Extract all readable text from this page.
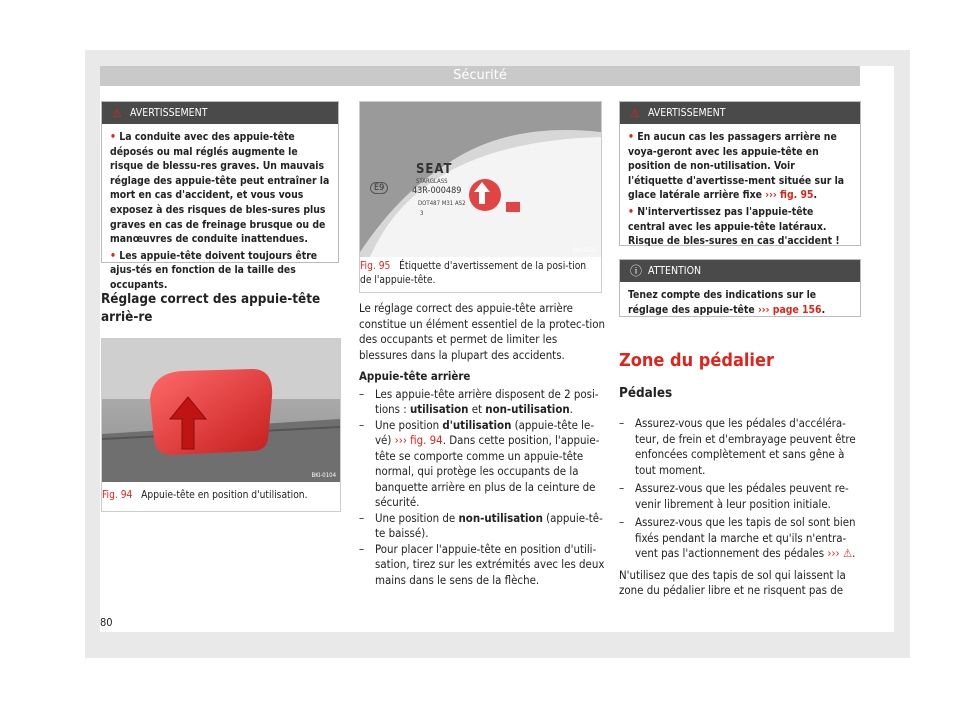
Sécurité
⚠ AVERTISSEMENT

• La conduite avec des appuie-tête déposés ou mal réglés augmente le risque de blessu-res graves. Un mauvais réglage des appuie-tête peut entraîner la mort en cas d'accident, et vous vous exposez à des risques de bles-sures plus graves en cas de freinage brusque ou de manœuvres de conduite inattendues.

• Les appuie-tête doivent toujours être ajus-tés en fonction de la taille des occupants.

Réglage correct des appuie-tête arriè-re
BKI-0104
Fig. 94 Appuie-tête en position d'utilisation.
SEAT
STARGLASS
E9	43R-000489
DOT487 M31 AS2
3
BKI-0135
Fig. 95 Étiquette d'avertissement de la posi-tion de l'appuie-tête.

Le réglage correct des appuie-tête arrière constitue un élément essentiel de la protec-tion des occupants et permet de limiter les blessures dans la plupart des accidents.

Appuie-tête arrière

– Les appuie-tête arrière disposent de 2 posi-tions : utilisation et non-utilisation.

– Une position d'utilisation (appuie-tête le-vé) ››› fig. 94. Dans cette position, l'appuie-tête se comporte comme un appuie-tête normal, qui protège les occupants de la banquette arrière en plus de la ceinture de sécurité.

– Une position de non-utilisation (appuie-tê-te baissé).

– Pour placer l'appuie-tête en position d'utili-sation, tirez sur les extrémités avec les deux mains dans le sens de la flèche.

⚠ AVERTISSEMENT

• En aucun cas les passagers arrière ne voya-geront avec les appuie-tête en position de non-utilisation. Voir l'étiquette d'avertisse-ment située sur la glace latérale arrière fixe ››› fig. 95.

• N'intervertissez pas l'appuie-tête central avec les appuie-tête latéraux. Risque de bles-sures en cas d'accident !

ⓘ ATTENTION
Tenez compte des indications sur le réglage des appuie-tête ››› page 156.
Zone du pédalier
Pédales

– Assurez-vous que les pédales d'accéléra-teur, de frein et d'embrayage peuvent être enfoncées complètement et sans gêne à tout moment.

– Assurez-vous que les pédales peuvent re-venir librement à leur position initiale.

– Assurez-vous que les tapis de sol sont bien fixés pendant la marche et qu'ils n'entra-vent pas l'actionnement des pédales ››› ⚠.

N'utilisez que des tapis de sol qui laissent la zone du pédalier libre et ne risquent pas de

80
